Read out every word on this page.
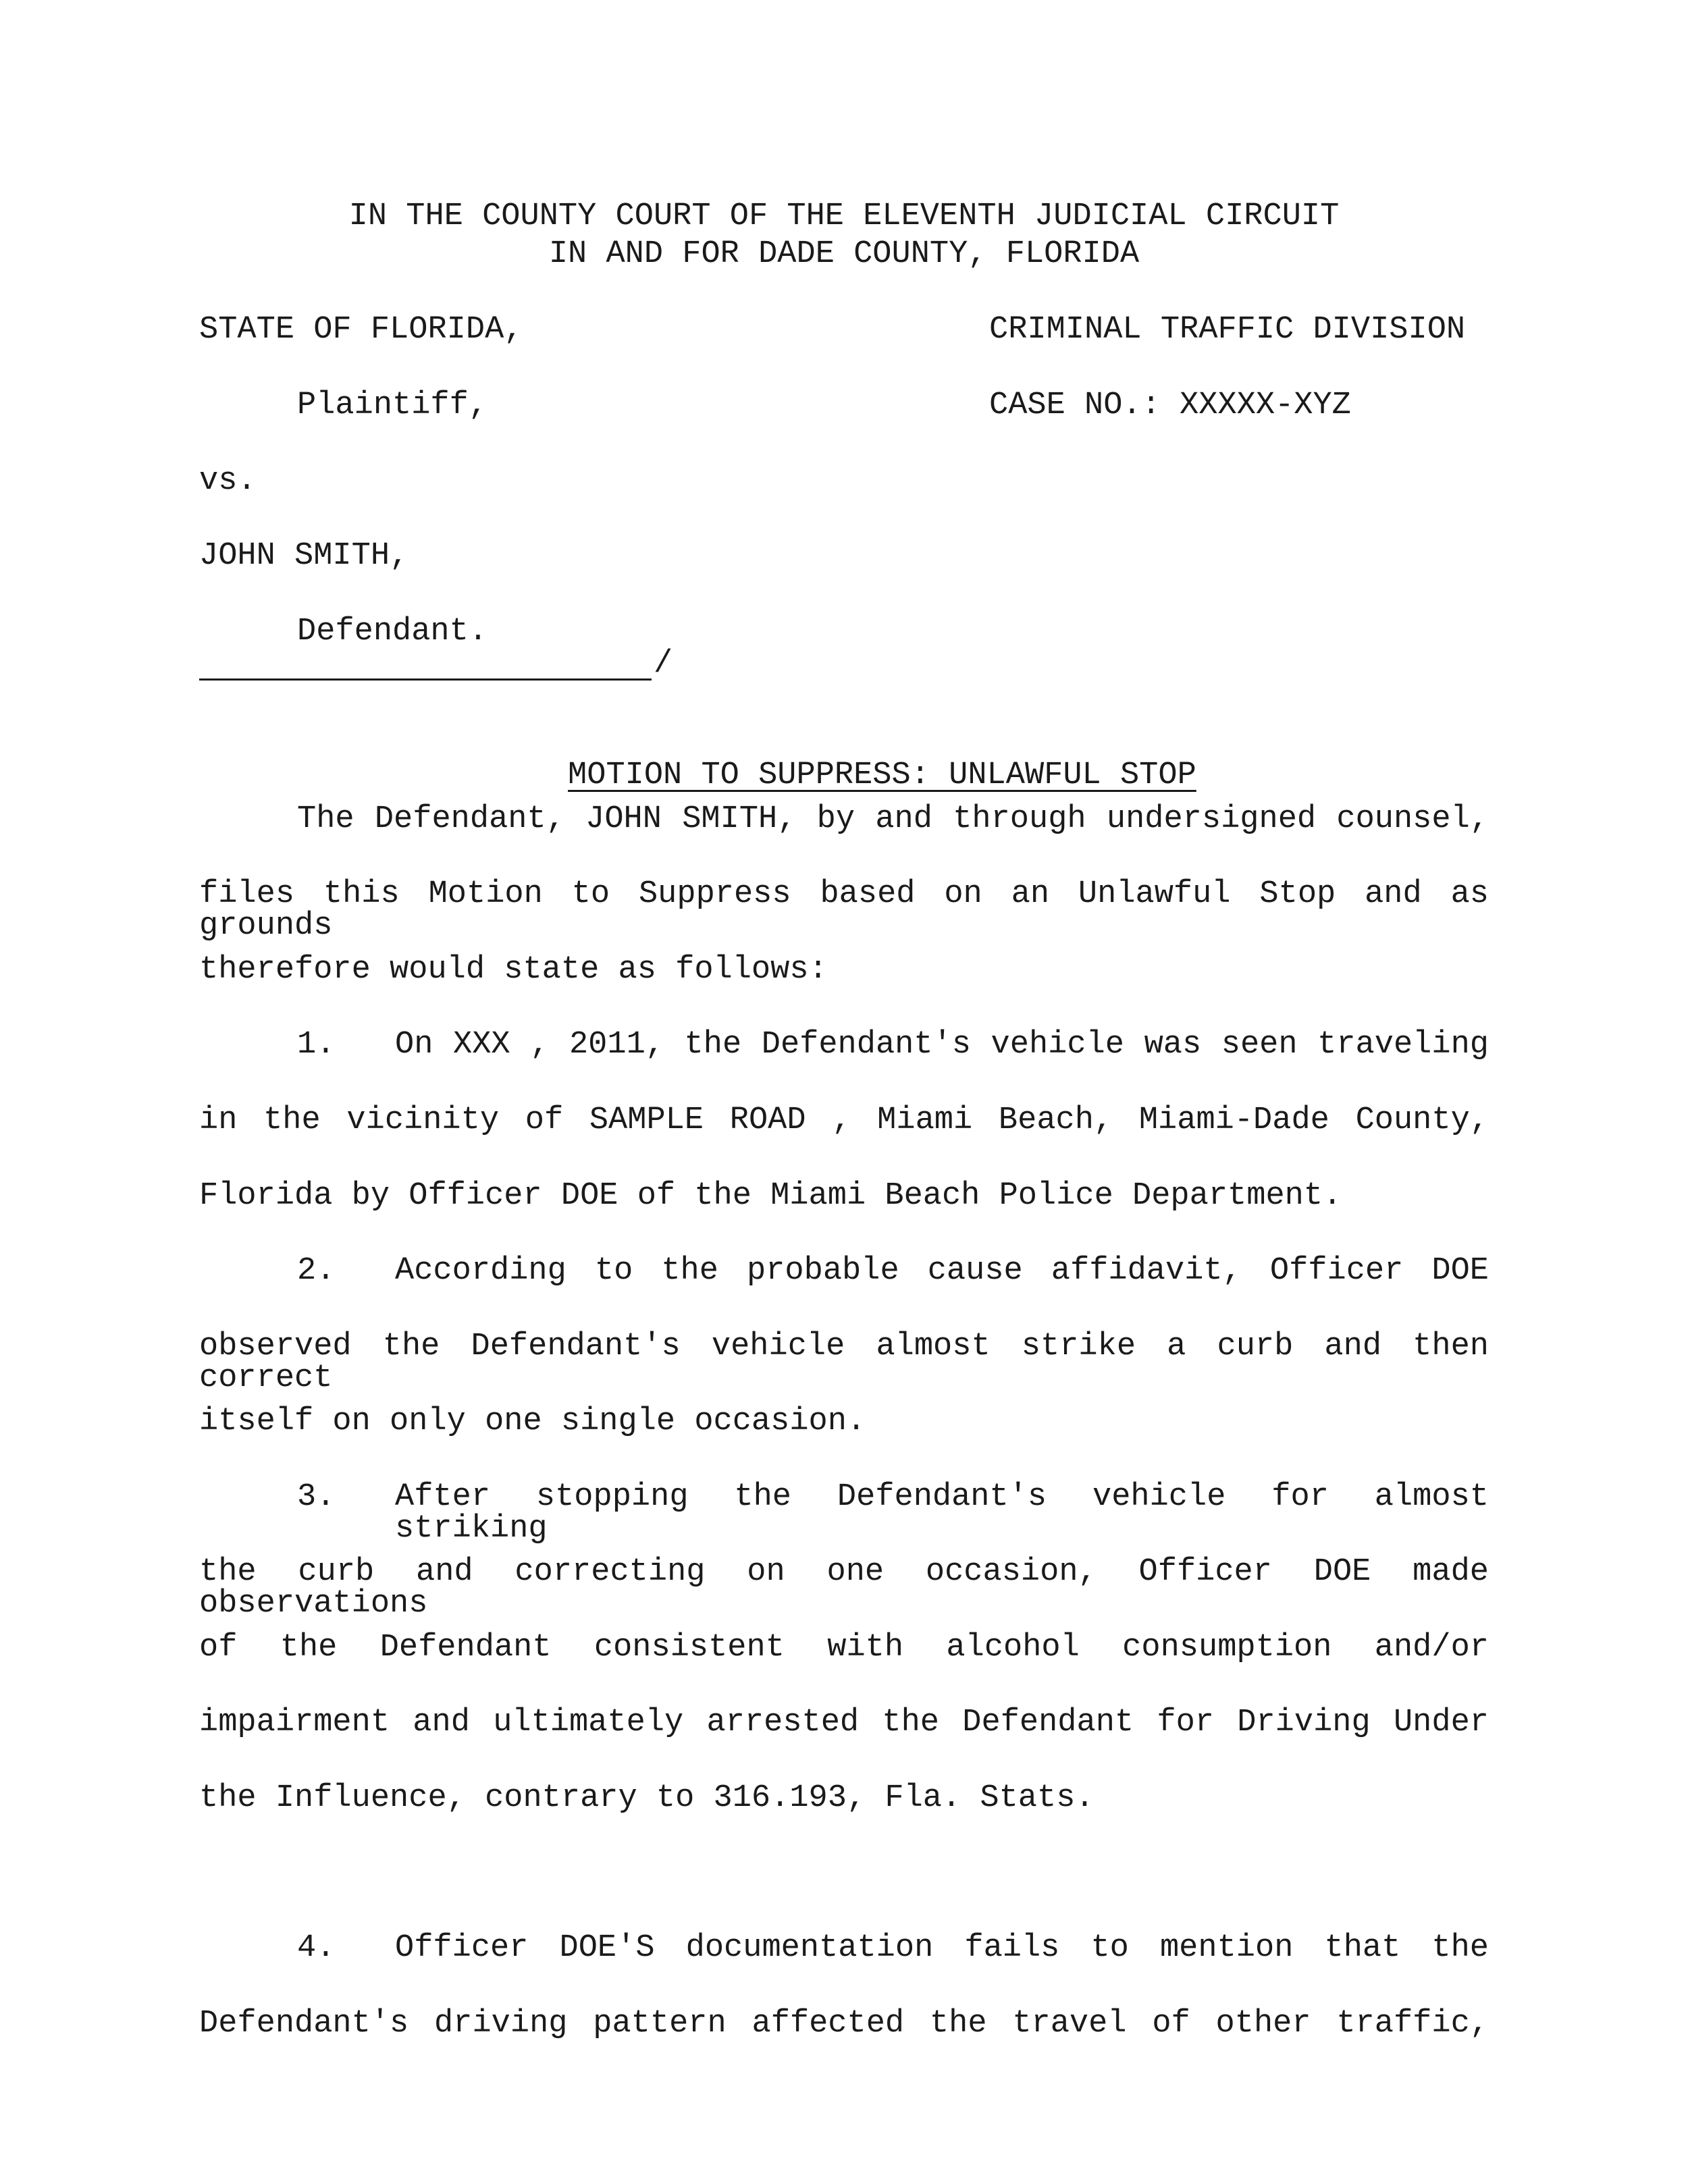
IN THE COUNTY COURT OF THE ELEVENTH JUDICIAL CIRCUIT
IN AND FOR DADE COUNTY, FLORIDA
STATE OF FLORIDA,	CRIMINAL TRAFFIC DIVISION
Plaintiff,	CASE NO.: XXXXX-XYZ
vs.
JOHN SMITH,
Defendant.
/

MOTION TO SUPPRESS: UNLAWFUL STOP

The Defendant, JOHN SMITH, by and through undersigned counsel,
files this Motion to Suppress based on an Unlawful Stop and as grounds
therefore would state as follows:
1. On XXX , 2011, the Defendant's vehicle was seen traveling
in the vicinity of SAMPLE ROAD , Miami Beach, Miami-Dade County,
Florida by Officer DOE of the Miami Beach Police Department.
2. According to the probable cause affidavit, Officer DOE
observed the Defendant's vehicle almost strike a curb and then correct
itself on only one single occasion.
3. After stopping the Defendant's vehicle for almost striking
the curb and correcting on one occasion, Officer DOE made observations
of the Defendant consistent with alcohol consumption and/or
impairment and ultimately arrested the Defendant for Driving Under
the Influence, contrary to 316.193, Fla. Stats.
4. Officer DOE'S documentation fails to mention that the
Defendant's driving pattern affected the travel of other traffic,
